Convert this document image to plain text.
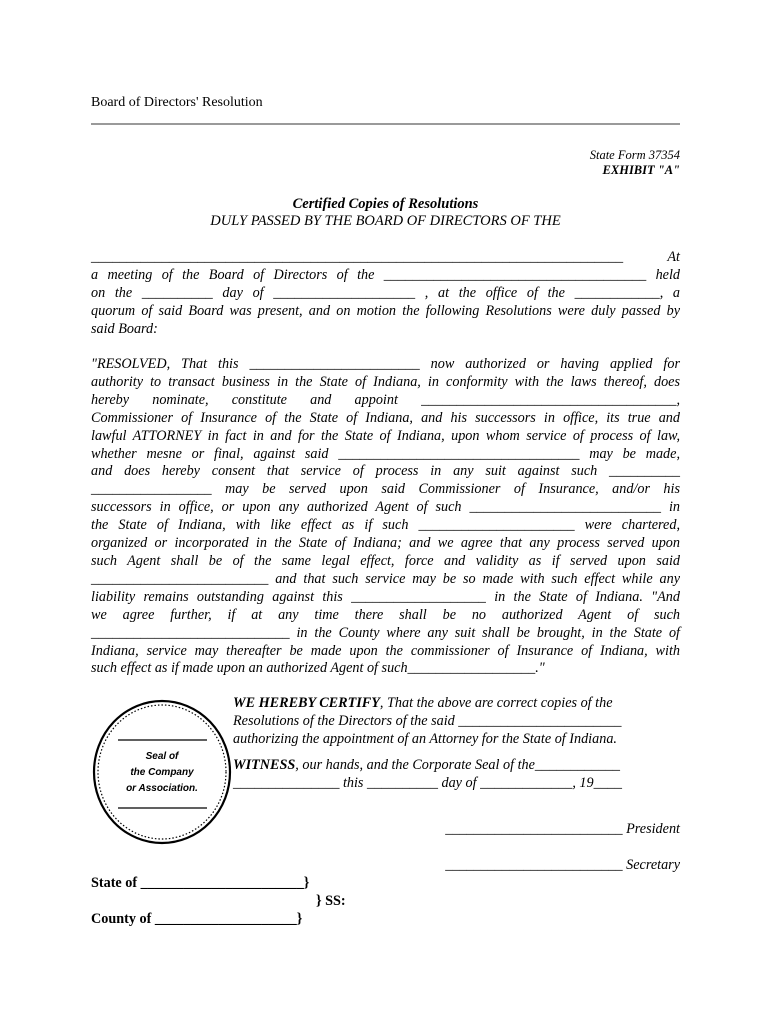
Board of Directors' Resolution
State Form 37354
EXHIBIT "A"
Certified Copies of Resolutions
DULY PASSED BY THE BOARD OF DIRECTORS OF THE
___________________________________________________________________________ At
a meeting of the Board of Directors of the _____________________________________ held
on the __________ day of ____________________ , at the office of the ____________, a
quorum of said Board was present, and on motion the following Resolutions were duly passed by
said Board:
"RESOLVED, That this ________________________ now authorized or having applied for
authority to transact business in the State of Indiana, in conformity with the laws thereof, does
hereby nominate, constitute and appoint ____________________________________,
Commissioner of Insurance of the State of Indiana, and his successors in office, its true and
lawful ATTORNEY in fact in and for the State of Indiana, upon whom service of process of law,
whether mesne or final, against said __________________________________ may be made,
and does hereby consent that service of process in any suit against such __________
_________________ may be served upon said Commissioner of Insurance, and/or his
successors in office, or upon any authorized Agent of such ___________________________ in
the State of Indiana, with like effect as if such ______________________ were chartered,
organized or incorporated in the State of Indiana; and we agree that any process served upon
such Agent shall be of the same legal effect, force and validity as if served upon said
_________________________ and that such service may be so made with such effect while any
liability remains outstanding against this ___________________ in the State of Indiana. "And
we agree further, if at any time there shall be no authorized Agent of such
____________________________ in the County where any suit shall be brought, in the State of
Indiana, service may thereafter be made upon the commissioner of Insurance of Indiana, with
such effect as if made upon an authorized Agent of such__________________."
Seal of
the Company
or Association.
WE HEREBY CERTIFY, That the above are correct copies of the
Resolutions of the Directors of the said _______________________
authorizing the appointment of an Attorney for the State of Indiana.
WITNESS, our hands, and the Corporate Seal of the____________
_______________ this __________ day of _____________, 19____
_________________________ President
_________________________ Secretary
State of _______________________}
} SS:
County of ____________________}
